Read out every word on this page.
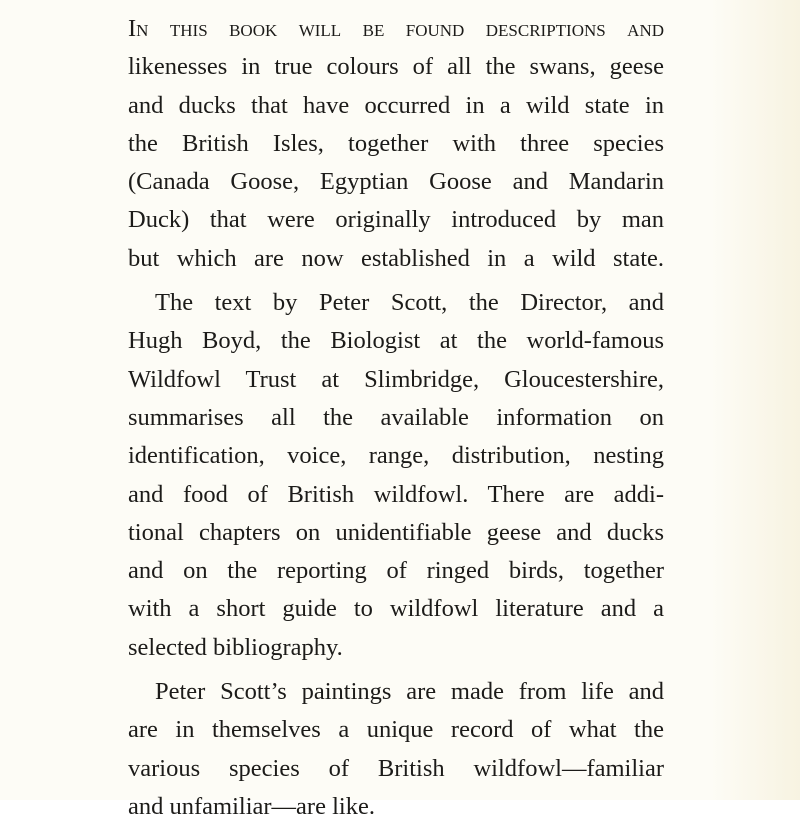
In this book will be found descriptions and
likenesses in true colours of all the swans, geese
and ducks that have occurred in a wild state in
the British Isles, together with three species
(Canada Goose, Egyptian Goose and Mandarin
Duck) that were originally introduced by man
but which are now established in a wild state.
The text by Peter Scott, the Director, and
Hugh Boyd, the Biologist at the world-famous
Wildfowl Trust at Slimbridge, Gloucestershire,
summarises all the available information on
identification, voice, range, distribution, nesting
and food of British wildfowl. There are addi-
tional chapters on unidentifiable geese and ducks
and on the reporting of ringed birds, together
with a short guide to wildfowl literature and a
selected bibliography.
Peter Scott’s paintings are made from life and
are in themselves a unique record of what the
various species of British wildfowl—familiar
and unfamiliar—are like.
